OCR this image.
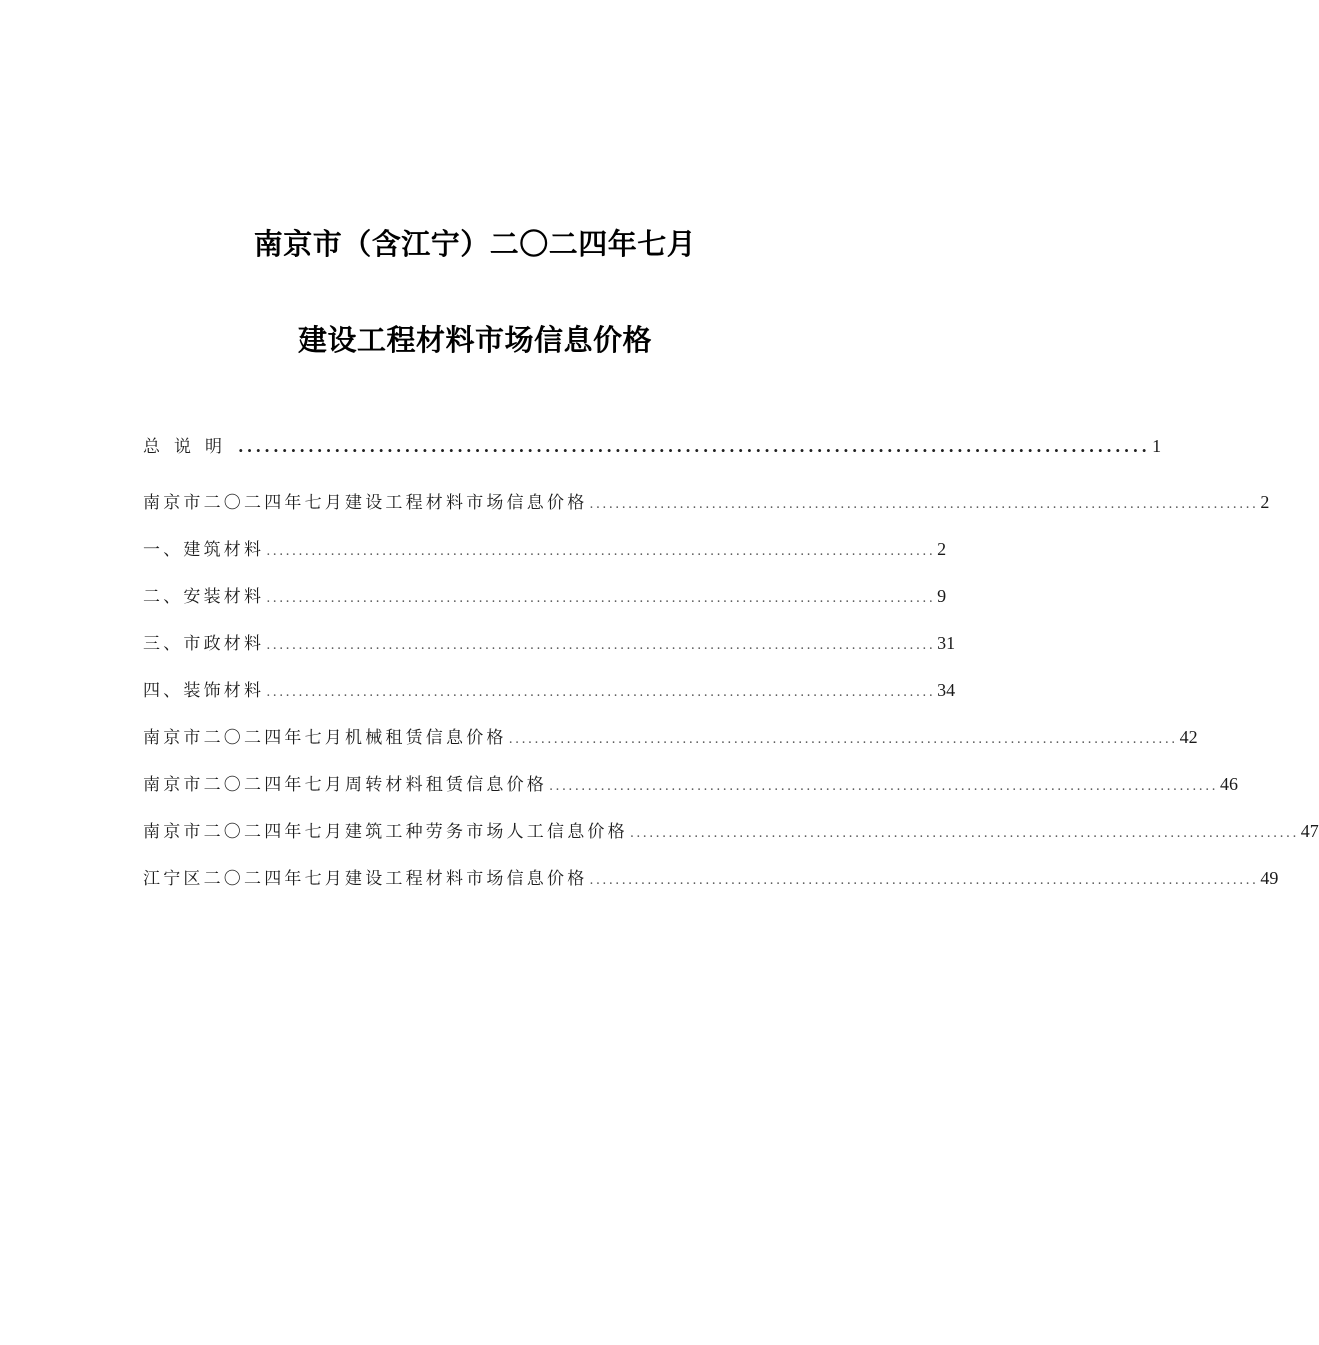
南京市（含江宁）二〇二四年七月
建设工程材料市场信息价格
总说明 ........................................................................................................ 1
南京市二〇二四年七月建设工程材料市场信息价格 ........................................................................................................ 2
一、建筑材料 ........................................................................................................ 2
二、安装材料 ........................................................................................................ 9
三、市政材料 ........................................................................................................ 31
四、装饰材料 ........................................................................................................ 34
南京市二〇二四年七月机械租赁信息价格 ........................................................................................................ 42
南京市二〇二四年七月周转材料租赁信息价格 ........................................................................................................ 46
南京市二〇二四年七月建筑工种劳务市场人工信息价格 ........................................................................................................ 47
江宁区二〇二四年七月建设工程材料市场信息价格 ........................................................................................................ 49
